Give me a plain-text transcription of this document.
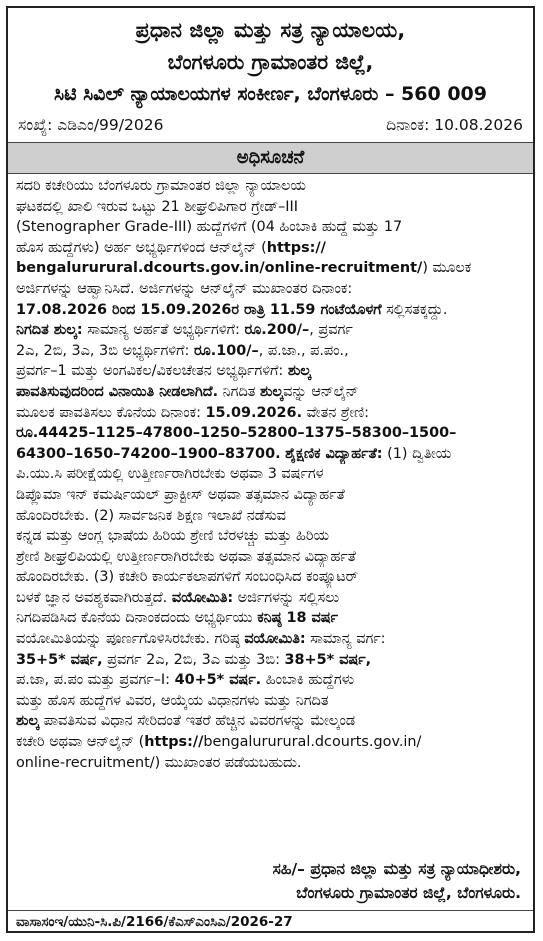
ಪ್ರಧಾನ ಜಿಲ್ಲಾ ಮತ್ತು ಸತ್ರ ನ್ಯಾಯಾಲಯ,
ಬೆಂಗಳೂರು ಗ್ರಾಮಾಂತರ ಜಿಲ್ಲೆ,
ಸಿಟಿ ಸಿವಿಲ್ ನ್ಯಾಯಾಲಯಗಳ ಸಂಕೀರ್ಣ, ಬೆಂಗಳೂರು – 560 009
ಸಂಖ್ಯೆ: ಎಡಿಎಂ/99/2026	ದಿನಾಂಕ: 10.08.2026
ಅಧಿಸೂಚನೆ
ಸದರಿ ಕಚೇರಿಯು ಬೆಂಗಳೂರು ಗ್ರಾಮಾಂತರ ಜಿಲ್ಲಾ ನ್ಯಾಯಾಲಯ
ಘಟಕದಲ್ಲಿ ಖಾಲಿ ಇರುವ ಒಟ್ಟು 21 ಶೀಘ್ರಲಿಪಿಗಾರ ಗ್ರೇಡ್–III
(Stenographer Grade-III) ಹುದ್ದೆಗಳಿಗೆ (04 ಹಿಂಬಾಕಿ ಹುದ್ದೆ ಮತ್ತು 17
ಹೊಸ ಹುದ್ದೆಗಳು) ಅರ್ಹ ಅಭ್ಯರ್ಥಿಗಳಿಂದ ಆನ್‌ಲೈನ್ (https://
bengalururural.dcourts.gov.in/online-recruitment/) ಮೂಲಕ
ಅರ್ಜಿಗಳನ್ನು ಆಹ್ವಾನಿಸಿದೆ. ಅರ್ಜಿಗಳನ್ನು ಆನ್‌ಲೈನ್ ಮುಖಾಂತರ ದಿನಾಂಕ:
17.08.2026 ರಿಂದ 15.09.2026ರ ರಾತ್ರಿ 11.59 ಗಂಟೆಯೊಳಗೆ ಸಲ್ಲಿಸತಕ್ಕದ್ದು.
ನಿಗದಿತ ಶುಲ್ಕ: ಸಾಮಾನ್ಯ ಅರ್ಹತೆ ಅಭ್ಯರ್ಥಿಗಳಿಗೆ: ರೂ.200/–, ಪ್ರವರ್ಗ
2ಎ, 2ಬಿ, 3ಎ, 3ಬಿ ಅಭ್ಯರ್ಥಿಗಳಿಗೆ: ರೂ.100/–, ಪ.ಜಾ., ಪ.ಪಂ.,
ಪ್ರವರ್ಗ–1 ಮತ್ತು ಅಂಗವಿಕಲ/ವಿಕಲಚೇತನ ಅಭ್ಯರ್ಥಿಗಳಿಗೆ: ಶುಲ್ಕ
ಪಾವತಿಸುವುದರಿಂದ ವಿನಾಯಿತಿ ನೀಡಲಾಗಿದೆ. ನಿಗದಿತ ಶುಲ್ಕವನ್ನು ಆನ್‌ಲೈನ್
ಮೂಲಕ ಪಾವತಿಸಲು ಕೊನೆಯ ದಿನಾಂಕ: 15.09.2026. ವೇತನ ಶ್ರೇಣಿ:
ರೂ.44425–1125–47800–1250–52800–1375–58300–1500–
64300–1650–74200–1900–83700. ಶೈಕ್ಷಣಿಕ ವಿದ್ಯಾರ್ಹತೆ: (1) ದ್ವಿತೀಯ
ಪಿ.ಯು.ಸಿ ಪರೀಕ್ಷೆಯಲ್ಲಿ ಉತ್ತೀರ್ಣರಾಗಿರಬೇಕು ಅಥವಾ 3 ವರ್ಷಗಳ
ಡಿಪ್ಲೊಮಾ ಇನ್ ಕಮರ್ಷಿಯಲ್ ಪ್ರಾಕ್ಟೀಸ್ ಅಥವಾ ತತ್ಸಮಾನ ವಿದ್ಯಾರ್ಹತೆ
ಹೊಂದಿರಬೇಕು. (2) ಸಾರ್ವಜನಿಕ ಶಿಕ್ಷಣ ಇಲಾಖೆ ನಡೆಸುವ
ಕನ್ನಡ ಮತ್ತು ಆಂಗ್ಲ ಭಾಷೆಯ ಹಿರಿಯ ಶ್ರೇಣಿ ಬೆರಳಚ್ಚು ಮತ್ತು ಹಿರಿಯ
ಶ್ರೇಣಿ ಶೀಘ್ರಲಿಪಿಯಲ್ಲಿ ಉತ್ತೀರ್ಣರಾಗಿರಬೇಕು ಅಥವಾ ತತ್ಸಮಾನ ವಿದ್ಯಾರ್ಹತೆ
ಹೊಂದಿರಬೇಕು. (3) ಕಚೇರಿ ಕಾರ್ಯಕಲಾಪಗಳಿಗೆ ಸಂಬಂಧಿಸಿದ ಕಂಪ್ಯೂಟರ್
ಬಳಕೆ ಜ್ಞಾನ ಅವಶ್ಯಕವಾಗಿರುತ್ತದೆ. ವಯೋಮಿತಿ: ಅರ್ಜಿಗಳನ್ನು ಸಲ್ಲಿಸಲು
ನಿಗದಿಪಡಿಸಿದ ಕೊನೆಯ ದಿನಾಂಕದಂದು ಅಭ್ಯರ್ಥಿಯು ಕನಿಷ್ಠ 18 ವರ್ಷ
ವಯೋಮಿತಿಯನ್ನು ಪೂರ್ಣಗೊಳಿಸಿರಬೇಕು. ಗರಿಷ್ಠ ವಯೋಮಿತಿ: ಸಾಮಾನ್ಯ ವರ್ಗ:
35+5* ವರ್ಷ, ಪ್ರವರ್ಗ 2ಎ, 2ಬಿ, 3ಎ ಮತ್ತು 3ಬಿ: 38+5* ವರ್ಷ,
ಪ.ಜಾ, ಪ.ಪಂ ಮತ್ತು ಪ್ರವರ್ಗ–I: 40+5* ವರ್ಷ. ಹಿಂಬಾಕಿ ಹುದ್ದೆಗಳು
ಮತ್ತು ಹೊಸ ಹುದ್ದೆಗಳ ವಿವರ, ಆಯ್ಕೆಯ ವಿಧಾನಗಳು ಮತ್ತು ನಿಗದಿತ
ಶುಲ್ಕ ಪಾವತಿಸುವ ವಿಧಾನ ಸೇರಿದಂತೆ ಇತರೆ ಹೆಚ್ಚಿನ ವಿವರಗಳನ್ನು ಮೇಲ್ಕಂಡ
ಕಚೇರಿ ಅಥವಾ ಆನ್‌ಲೈನ್ (https://bengalururural.dcourts.gov.in/
online-recruitment/) ಮುಖಾಂತರ ಪಡೆಯಬಹುದು.
ಸಹಿ/– ಪ್ರಧಾನ ಜಿಲ್ಲಾ ಮತ್ತು ಸತ್ರ ನ್ಯಾಯಾಧೀಶರು,
ಬೆಂಗಳೂರು ಗ್ರಾಮಾಂತರ ಜಿಲ್ಲೆ, ಬೆಂಗಳೂರು.
ವಾಸಾಸಂಇ/ಯುನಿ-ಸಿ.ಪಿ/2166/ಕೆಎಸ್‌ಎಂಸಿಎ/2026-27
